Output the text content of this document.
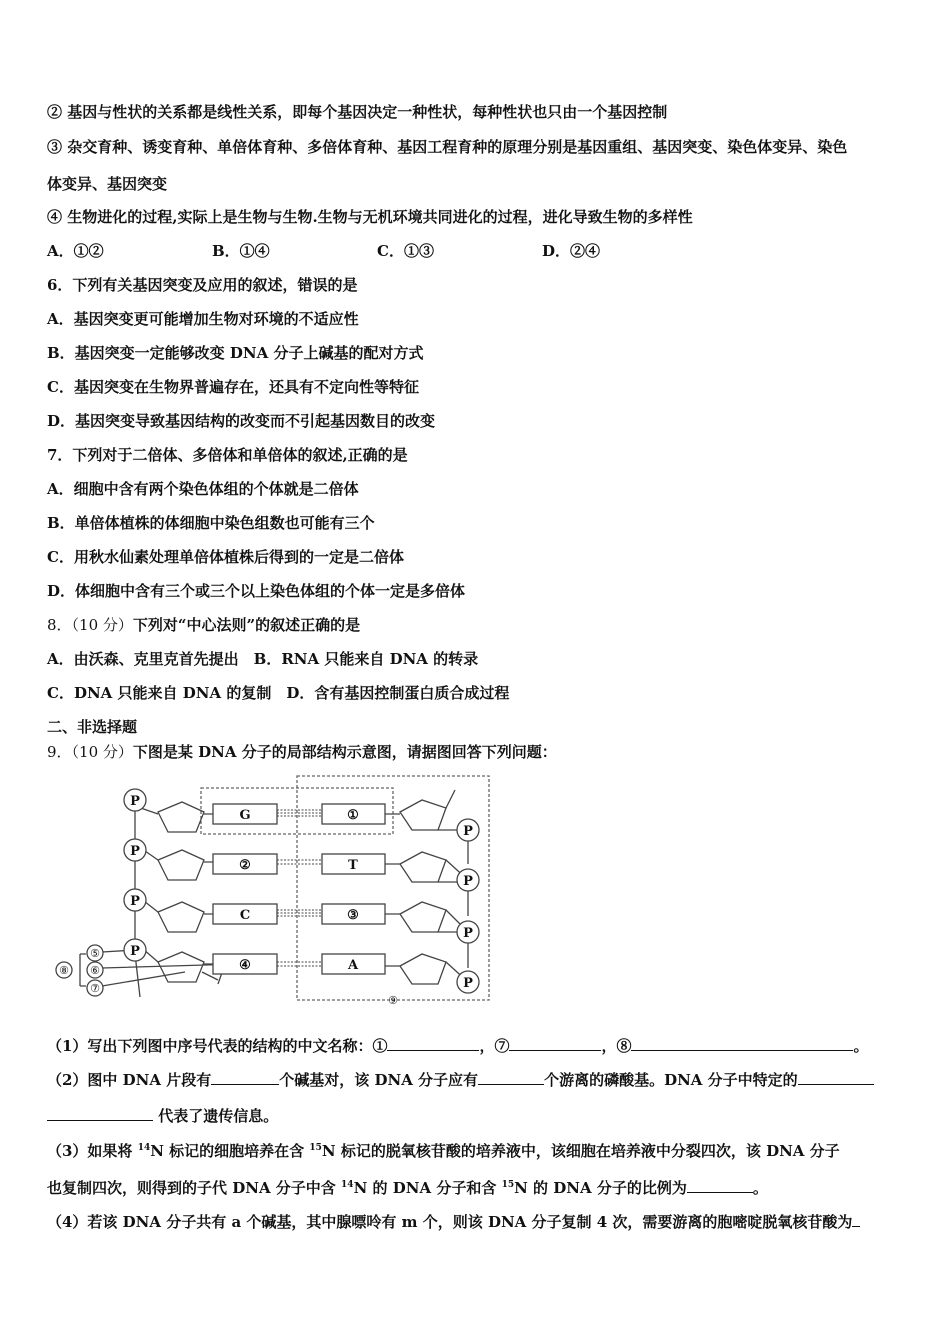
② 基因与性状的关系都是线性关系，即每个基因决定一种性状，每种性状也只由一个基因控制
③ 杂交育种、诱变育种、单倍体育种、多倍体育种、基因工程育种的原理分别是基因重组、基因突变、染色体变异、染色
体变异、基因突变
④ 生物进化的过程,实际上是生物与生物.生物与无机环境共同进化的过程，进化导致生物的多样性
A．①②	B．①④	C．①③	D．②④
6．下列有关基因突变及应用的叙述，错误的是
A．基因突变更可能增加生物对环境的不适应性
B．基因突变一定能够改变 DNA 分子上碱基的配对方式
C．基因突变在生物界普遍存在，还具有不定向性等特征
D．基因突变导致基因结构的改变而不引起基因数目的改变
7．下列对于二倍体、多倍体和单倍体的叙述,正确的是
A．细胞中含有两个染色体组的个体就是二倍体
B．单倍体植株的体细胞中染色组数也可能有三个
C．用秋水仙素处理单倍体植株后得到的一定是二倍体
D．体细胞中含有三个或三个以上染色体组的个体一定是多倍体
8．（10 分）下列对“中心法则”的叙述正确的是
A．由沃森、克里克首先提出　B．RNA 只能来自 DNA 的转录
C．DNA 只能来自 DNA 的复制　D．含有基因控制蛋白质合成过程
二、非选择题
9．（10 分）下图是某 DNA 分子的局部结构示意图，请据图回答下列问题：
P
P
P
P
P
P
P
P
G
②
C
④
①
T
③
A
⑤
⑥
⑦
⑧
⑨
（1）写出下列图中序号代表的结构的中文名称：①	，⑦	，⑧	。
（2）图中 DNA 片段有	个碱基对，该 DNA 分子应有	个游离的磷酸基。DNA 分子中特定的
代表了遗传信息。
（3）如果将 $^{14}$N 标记的细胞培养在含 $^{15}$N 标记的脱氧核苷酸的培养液中，该细胞在培养液中分裂四次，该 DNA 分子
也复制四次，则得到的子代 DNA 分子中含 $^{14}$N 的 DNA 分子和含 $^{15}$N 的 DNA 分子的比例为	。
（4）若该 DNA 分子共有 a 个碱基，其中腺嘌呤有 m 个，则该 DNA 分子复制 4 次，需要游离的胞嘧啶脱氧核苷酸为
